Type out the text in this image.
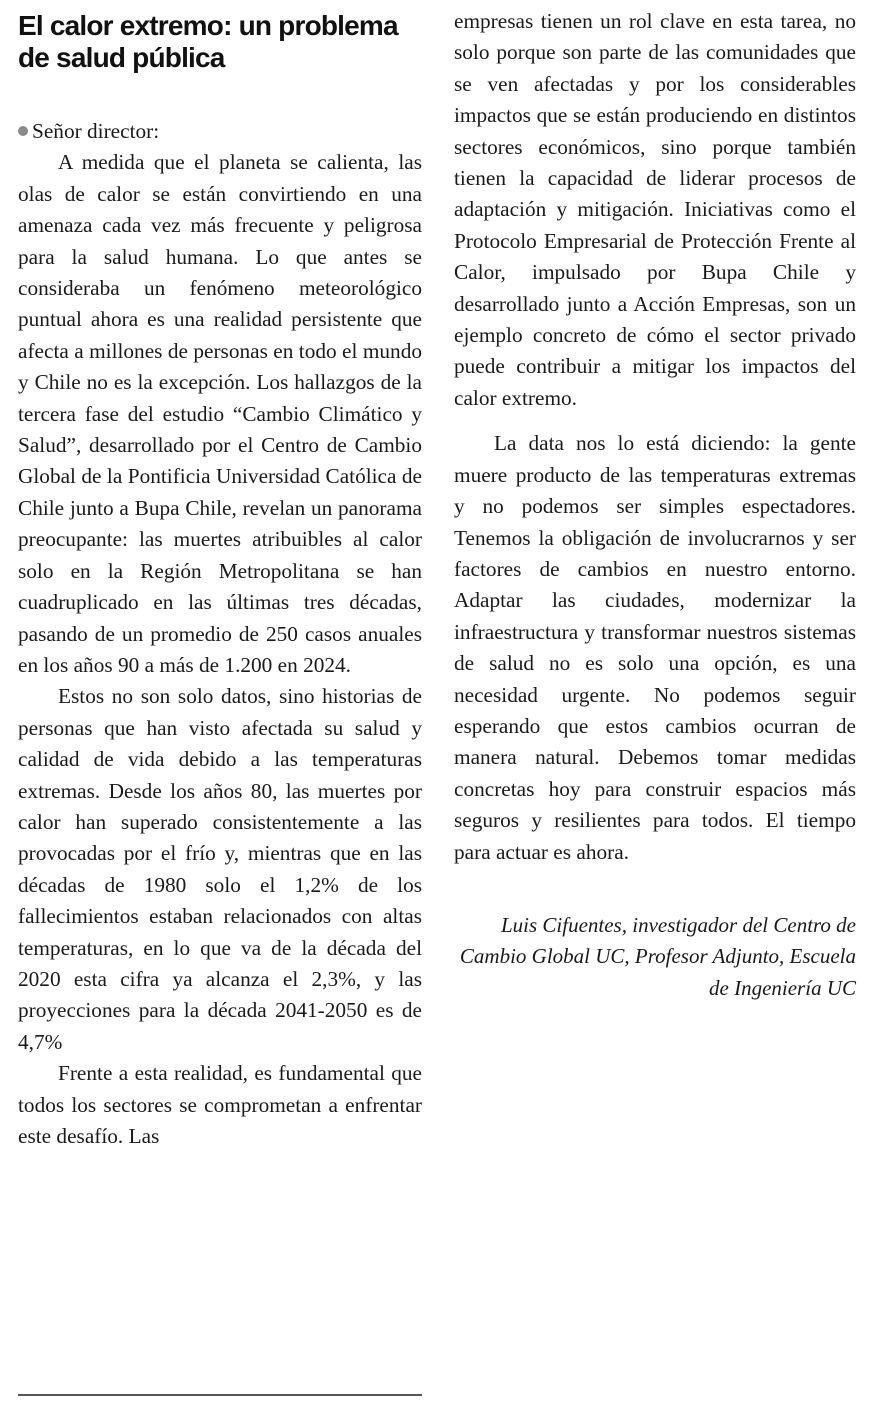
El calor extremo: un problema de salud pública

Señor director:

A medida que el planeta se calienta, las olas de calor se están convirtiendo en una amenaza cada vez más frecuente y peligrosa para la salud humana. Lo que antes se consideraba un fenómeno meteorológico puntual ahora es una realidad persistente que afecta a millones de personas en todo el mundo y Chile no es la excepción. Los hallazgos de la tercera fase del estudio “Cambio Climático y Salud”, desarrollado por el Centro de Cambio Global de la Pontificia Universidad Católica de Chile junto a Bupa Chile, revelan un panorama preocupante: las muertes atribuibles al calor solo en la Región Metropolitana se han cuadruplicado en las últimas tres décadas, pasando de un promedio de 250 casos anuales en los años 90 a más de 1.200 en 2024.

Estos no son solo datos, sino historias de personas que han visto afectada su salud y calidad de vida debido a las temperaturas extremas. Desde los años 80, las muertes por calor han superado consistentemente a las provocadas por el frío y, mientras que en las décadas de 1980 solo el 1,2% de los fallecimientos estaban relacionados con altas temperaturas, en lo que va de la década del 2020 esta cifra ya alcanza el 2,3%, y las proyecciones para la década 2041-2050 es de 4,7%

Frente a esta realidad, es fundamental que todos los sectores se comprometan a enfrentar este desafío. Las

empresas tienen un rol clave en esta tarea, no solo porque son parte de las comunidades que se ven afectadas y por los considerables impactos que se están produciendo en distintos sectores económicos, sino porque también tienen la capacidad de liderar procesos de adaptación y mitigación. Iniciativas como el Protocolo Empresarial de Protección Frente al Calor, impulsado por Bupa Chile y desarrollado junto a Acción Empresas, son un ejemplo concreto de cómo el sector privado puede contribuir a mitigar los impactos del calor extremo.

La data nos lo está diciendo: la gente muere producto de las temperaturas extremas y no podemos ser simples espectadores. Tenemos la obligación de involucrarnos y ser factores de cambios en nuestro entorno. Adaptar las ciudades, modernizar la infraestructura y transformar nuestros sistemas de salud no es solo una opción, es una necesidad urgente. No podemos seguir esperando que estos cambios ocurran de manera natural. Debemos tomar medidas concretas hoy para construir espacios más seguros y resilientes para todos. El tiempo para actuar es ahora.

Luis Cifuentes, investigador del Centro de Cambio Global UC, Profesor Adjunto, Escuela de Ingeniería UC
